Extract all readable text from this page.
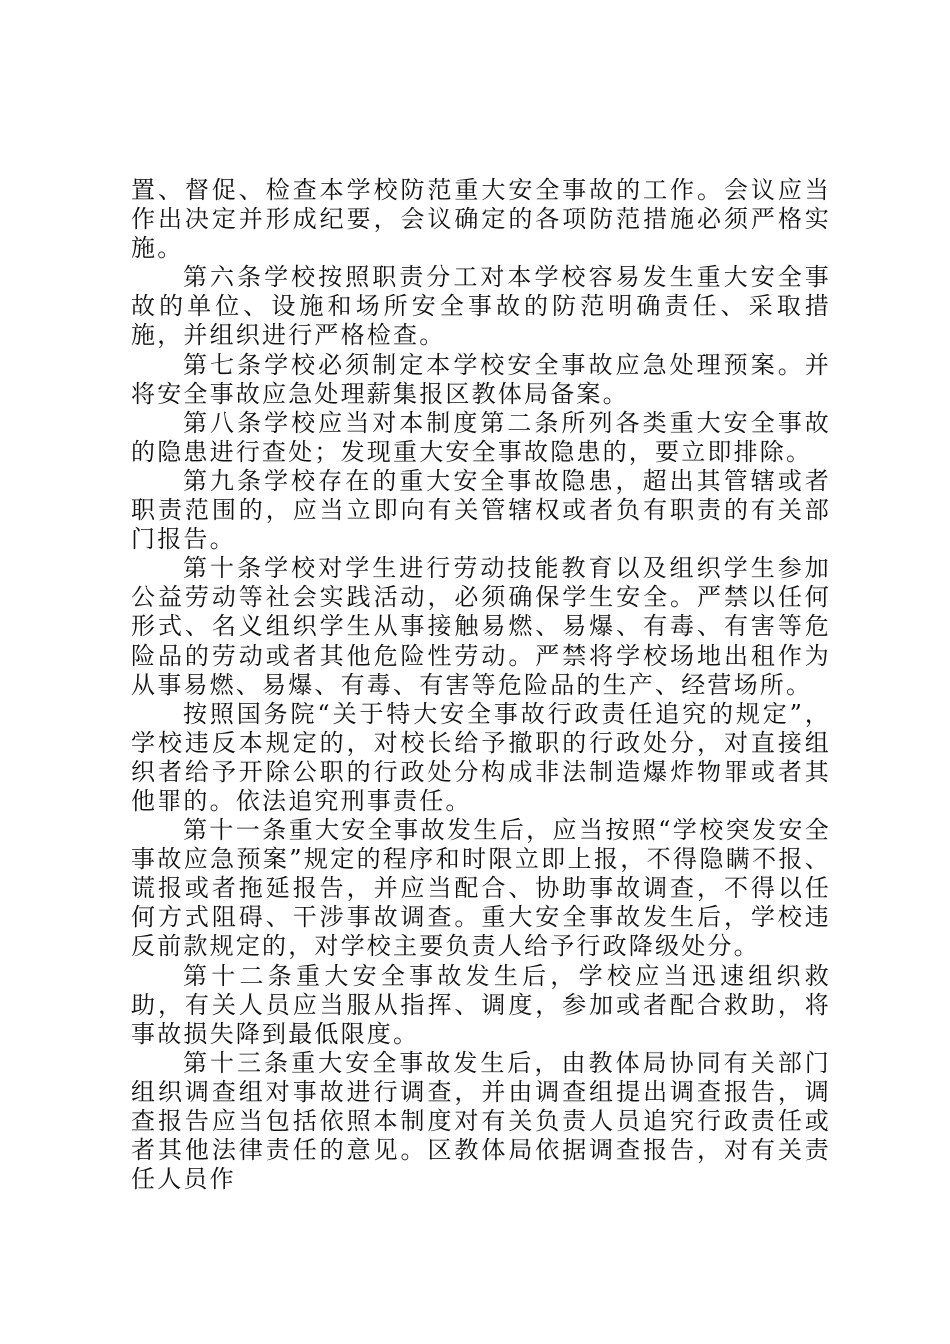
置、督促、检查本学校防范重大安全事故的工作。会议应当作出决定并形成纪要，会议确定的各项防范措施必须严格实施。

第六条学校按照职责分工对本学校容易发生重大安全事故的单位、设施和场所安全事故的防范明确责任、采取措施，并组织进行严格检查。

第七条学校必须制定本学校安全事故应急处理预案。并将安全事故应急处理薪集报区教体局备案。

第八条学校应当对本制度第二条所列各类重大安全事故的隐患进行查处；发现重大安全事故隐患的，要立即排除。

第九条学校存在的重大安全事故隐患，超出其管辖或者职责范围的，应当立即向有关管辖权或者负有职责的有关部门报告。

第十条学校对学生进行劳动技能教育以及组织学生参加公益劳动等社会实践活动，必须确保学生安全。严禁以任何形式、名义组织学生从事接触易燃、易爆、有毒、有害等危险品的劳动或者其他危险性劳动。严禁将学校场地出租作为从事易燃、易爆、有毒、有害等危险品的生产、经营场所。

按照国务院“关于特大安全事故行政责任追究的规定”，学校违反本规定的，对校长给予撤职的行政处分，对直接组织者给予开除公职的行政处分构成非法制造爆炸物罪或者其他罪的。依法追究刑事责任。

第十一条重大安全事故发生后，应当按照“学校突发安全事故应急预案”规定的程序和时限立即上报，不得隐瞒不报、谎报或者拖延报告，并应当配合、协助事故调查，不得以任何方式阻碍、干涉事故调查。重大安全事故发生后，学校违反前款规定的，对学校主要负责人给予行政降级处分。

第十二条重大安全事故发生后，学校应当迅速组织救助，有关人员应当服从指挥、调度，参加或者配合救助，将事故损失降到最低限度。

第十三条重大安全事故发生后，由教体局协同有关部门组织调查组对事故进行调查，并由调查组提出调查报告，调查报告应当包括依照本制度对有关负责人员追究行政责任或者其他法律责任的意见。区教体局依据调查报告，对有关责任人员作
